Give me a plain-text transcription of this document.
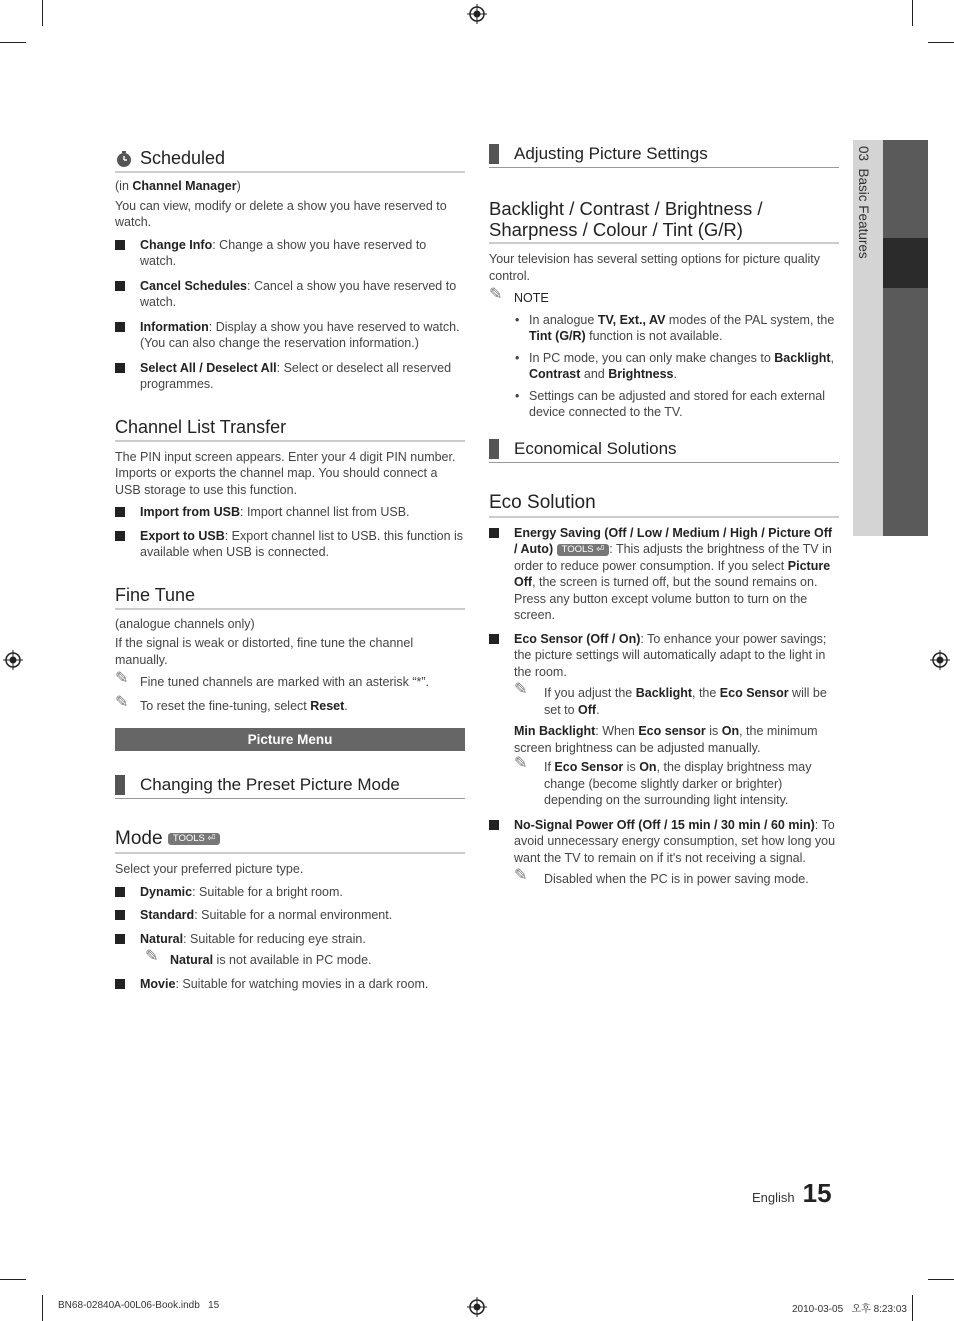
03  Basic Features
Scheduled

(in Channel Manager)

You can view, modify or delete a show you have reserved to watch.

Change Info: Change a show you have reserved to watch.
Cancel Schedules: Cancel a show you have reserved to watch.
Information: Display a show you have reserved to watch. (You can also change the reservation information.)
Select All / Deselect All: Select or deselect all reserved programmes.
Channel List Transfer

The PIN input screen appears. Enter your 4 digit PIN number. Imports or exports the channel map. You should connect a USB storage to use this function.

Import from USB: Import channel list from USB.
Export to USB: Export channel list to USB. this function is available when USB is connected.
Fine Tune

(analogue channels only)

If the signal is weak or distorted, fine tune the channel manually.

✎ Fine tuned channels are marked with an asterisk “*”.
✎ To reset the fine-tuning, select Reset.
Picture Menu
Changing the Preset Picture Mode
Mode
	TOOLS ⏎

Select your preferred picture type.

Dynamic: Suitable for a bright room.
Standard: Suitable for a normal environment.
Natural: Suitable for reducing eye strain.
✎ Natural is not available in PC mode.
Movie: Suitable for watching movies in a dark room.
Adjusting Picture Settings
Backlight / Contrast / Brightness / Sharpness / Colour / Tint (G/R)

Your television has several setting options for picture quality control.

✎ NOTE
• In analogue TV, Ext., AV modes of the PAL system, the Tint (G/R) function is not available.
• In PC mode, you can only make changes to Backlight, Contrast and Brightness.
• Settings can be adjusted and stored for each external device connected to the TV.
Economical Solutions
Eco Solution
Energy Saving (Off / Low / Medium / High / Picture Off / Auto) TOOLS ⏎ : This adjusts the brightness of the TV in order to reduce power consumption. If you select Picture Off, the screen is turned off, but the sound remains on. Press any button except volume button to turn on the screen.
Eco Sensor (Off / On): To enhance your power savings; the picture settings will automatically adapt to the light in the room.
✎ If you adjust the Backlight, the Eco Sensor will be set to Off.

Min Backlight: When Eco sensor is On, the minimum screen brightness can be adjusted manually.

✎ If Eco Sensor is On, the display brightness may change (become slightly darker or brighter) depending on the surrounding light intensity.
No-Signal Power Off (Off / 15 min / 30 min / 60 min): To avoid unnecessary energy consumption, set how long you want the TV to remain on if it's not receiving a signal.
✎ Disabled when the PC is in power saving mode.
English 15
BN68-02840A-00L06-Book.indb   15	2010-03-05   오후 8:23:03
